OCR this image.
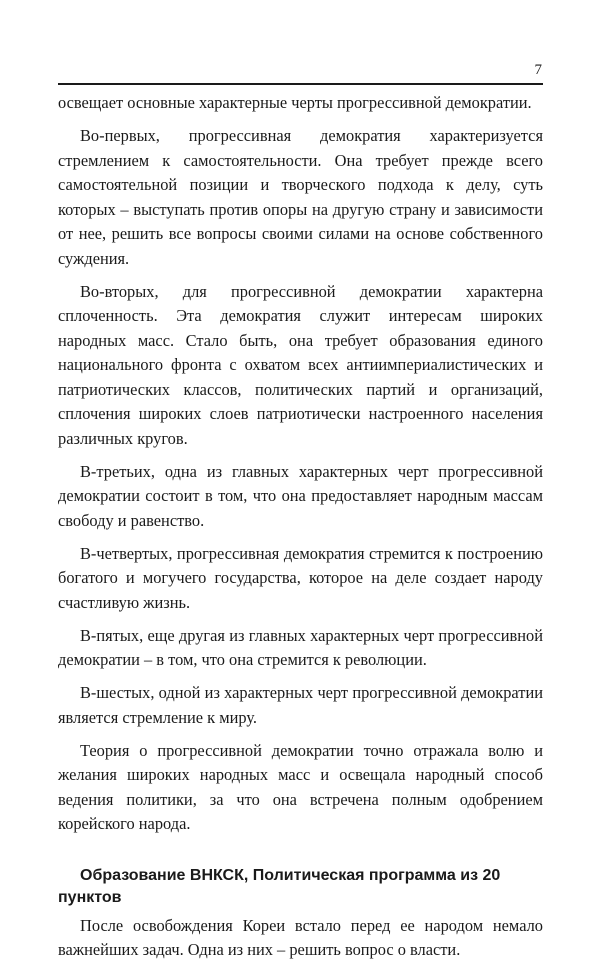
7

освещает основные характерные черты прогрессивной демократии.

Во-первых, прогрессивная демократия характеризуется стремлением к самостоятельности. Она требует прежде всего самостоятельной позиции и творческого подхода к делу, суть которых – выступать против опоры на другую страну и зависимости от нее, решить все вопросы своими силами на основе собственного суждения.

Во-вторых, для прогрессивной демократии характерна сплоченность. Эта демократия служит интересам широких народных масс. Стало быть, она требует образования единого национального фронта с охватом всех антиимпериалистических и патриотических классов, политических партий и организаций, сплочения широких слоев патриотически настроенного населения различных кругов.

В-третьих, одна из главных характерных черт прогрессивной демократии состоит в том, что она предоставляет народным массам свободу и равенство.

В-четвертых, прогрессивная демократия стремится к построению богатого и могучего государства, которое на деле создает народу счастливую жизнь.

В-пятых, еще другая из главных характерных черт прогрессивной демократии – в том, что она стремится к революции.

В-шестых, одной из характерных черт прогрессивной демократии является стремление к миру.

Теория о прогрессивной демократии точно отражала волю и желания широких народных масс и освещала народный способ ведения политики, за что она встречена полным одобрением корейского народа.

Образование ВНКСК, Политическая программа из 20 пунктов

После освобождения Кореи встало перед ее народом немало важнейших задач. Одна из них – решить вопрос о власти.
